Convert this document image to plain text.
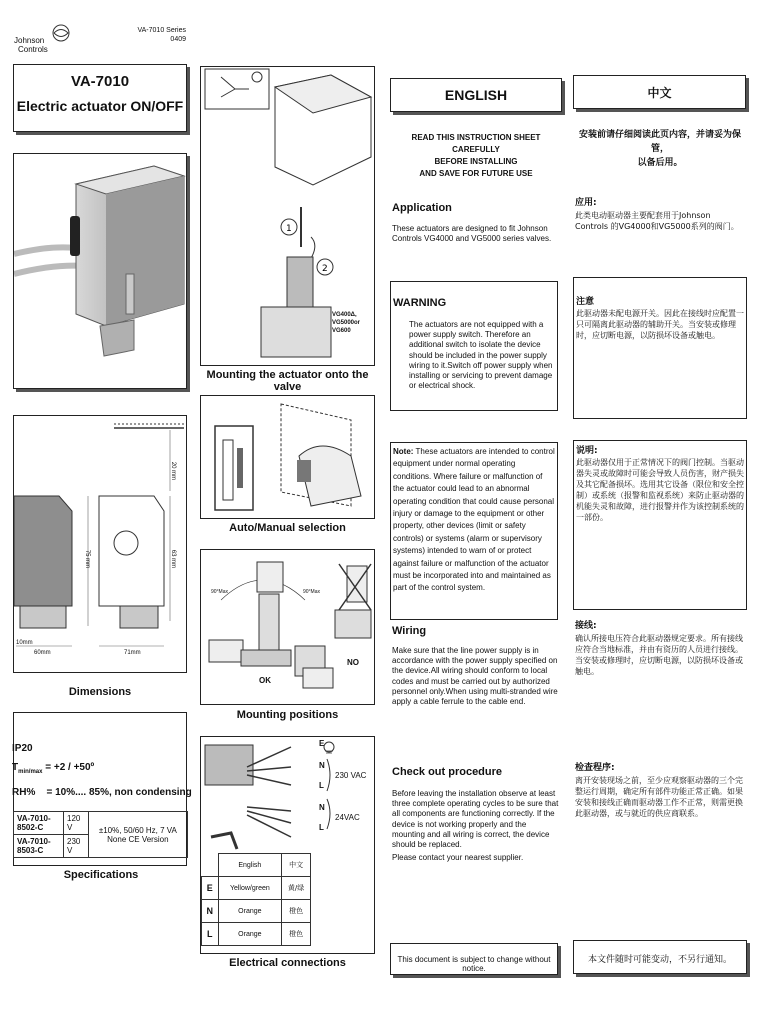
Johnson
Controls
VA-7010 Series
0409
VA-7010
Electric actuator ON/OFF
60mm	71mm
10mm
75 mm	63 mm
20 mm
Dimensions
IP20
$T_{min/max} = +2$ / +50º
RH%    = 10%.... 85%, non condensing
VA-7010-8502-C	120 V	±10%, 50/60 Hz, 7 VA None CE Version
VA-7010-8503-C	230 V	
Specifications
1
2
VG400Δ,
VG5000or
VG600
Mounting the actuator onto the valve
Auto/Manual selection
90°Max	90°Max
OK
NO
Mounting positions
E
N
L
N
L
230 VAC
24VAC
	English	中文
E	Yellow/green	黄/绿
N	Orange	橙色
L	Orange	橙色
Electrical connections
ENGLISH
READ THIS INSTRUCTION SHEET CAREFULLY
BEFORE INSTALLING
AND SAVE FOR FUTURE USE
Application
These actuators are designed to fit Johnson Controls VG4000 and VG5000 series valves.
WARNING
The actuators are not equipped with a power supply switch. Therefore an additional switch to isolate the device should be included in the power supply wiring to it.Switch off power supply when installing or servicing to prevent damage or electrical shock.
Note: These actuators are intended to control equipment under normal operating conditions. Where failure or malfunction of the actuator could lead to an abnormal operating condition that could cause personal injury or damage to the equipment or other property, other devices (limit or safety controls) or systems (alarm or supervisory systems) intended to warn of or protect against failure or malfunction of the actuator must be incorporated into and maintained as part of the control system.
Wiring
Make sure that the line power supply is in accordance with the power supply specified on the device.All wiring should conform to local codes and must be carried out by authorized personnel only.When using multi-stranded wire apply a cable ferrule to the cable end.
Check out procedure
Before leaving the installation observe at least three complete operating cycles to be sure that all components are functioning correctly. If the device is not working properly and the mounting and all wiring is correct, the device should be replaced.
Please contact your nearest supplier.
This document is subject to change without notice.
中文
安装前请仔细阅读此页内容，并请妥为保管，
以备后用。
应用:
此类电动驱动器主要配套用于Johnson Controls 的VG4000和VG5000系列的阀门。
注意
此驱动器未配电源开关。因此在接线时应配置一只可隔离此驱动器的辅助开关。当安装或修理时，应切断电源，以防损坏设备或触电。
说明:
此驱动器仅用于正常情况下的阀门控制。当驱动器失灵或故障时可能会导致人员伤害，财产损失及其它配备损坏。选用其它设备（限位和安全控制）或系统（报警和监视系统）来防止驱动器的机能失灵和故障，进行报警并作为该控制系统的一部份。
接线:
确认所接电压符合此驱动器规定要求。所有接线应符合当地标准，并由有资历的人员进行接线。当安装或修理时，应切断电源，以防损坏设备或触电。
检查程序:
离开安装现场之前，至少应观察驱动器的三个完整运行周期，确定所有部件功能正常正确。如果安装和接线正确而驱动器工作不正常，则需更换此驱动器，或与就近的供应商联系。
本文件随时可能变动，不另行通知。
